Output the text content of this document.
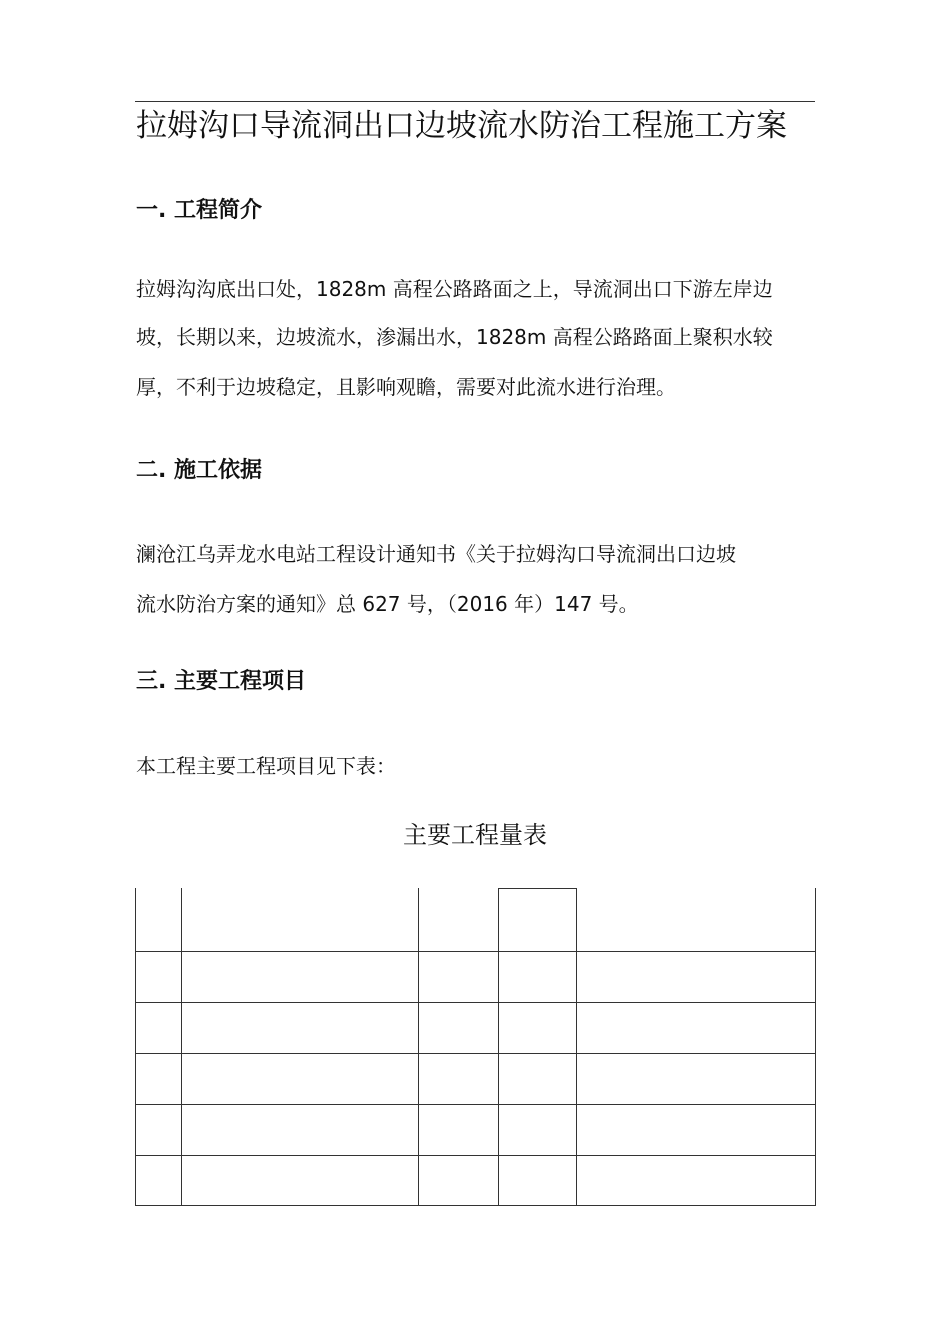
拉姆沟口导流洞出口边坡流水防治工程施工方案
一. 工程简介

拉姆沟沟底出口处，1828m 高程公路路面之上，导流洞出口下游左岸边

坡，长期以来，边坡流水，渗漏出水，1828m 高程公路路面上聚积水较

厚，不利于边坡稳定，且影响观瞻，需要对此流水进行治理。

二. 施工依据

澜沧江乌弄龙水电站工程设计通知书《关于拉姆沟口导流洞出口边坡

流水防治方案的通知》总 627 号，（2016 年）147 号。

三. 主要工程项目

本工程主要工程项目见下表：

主要工程量表
